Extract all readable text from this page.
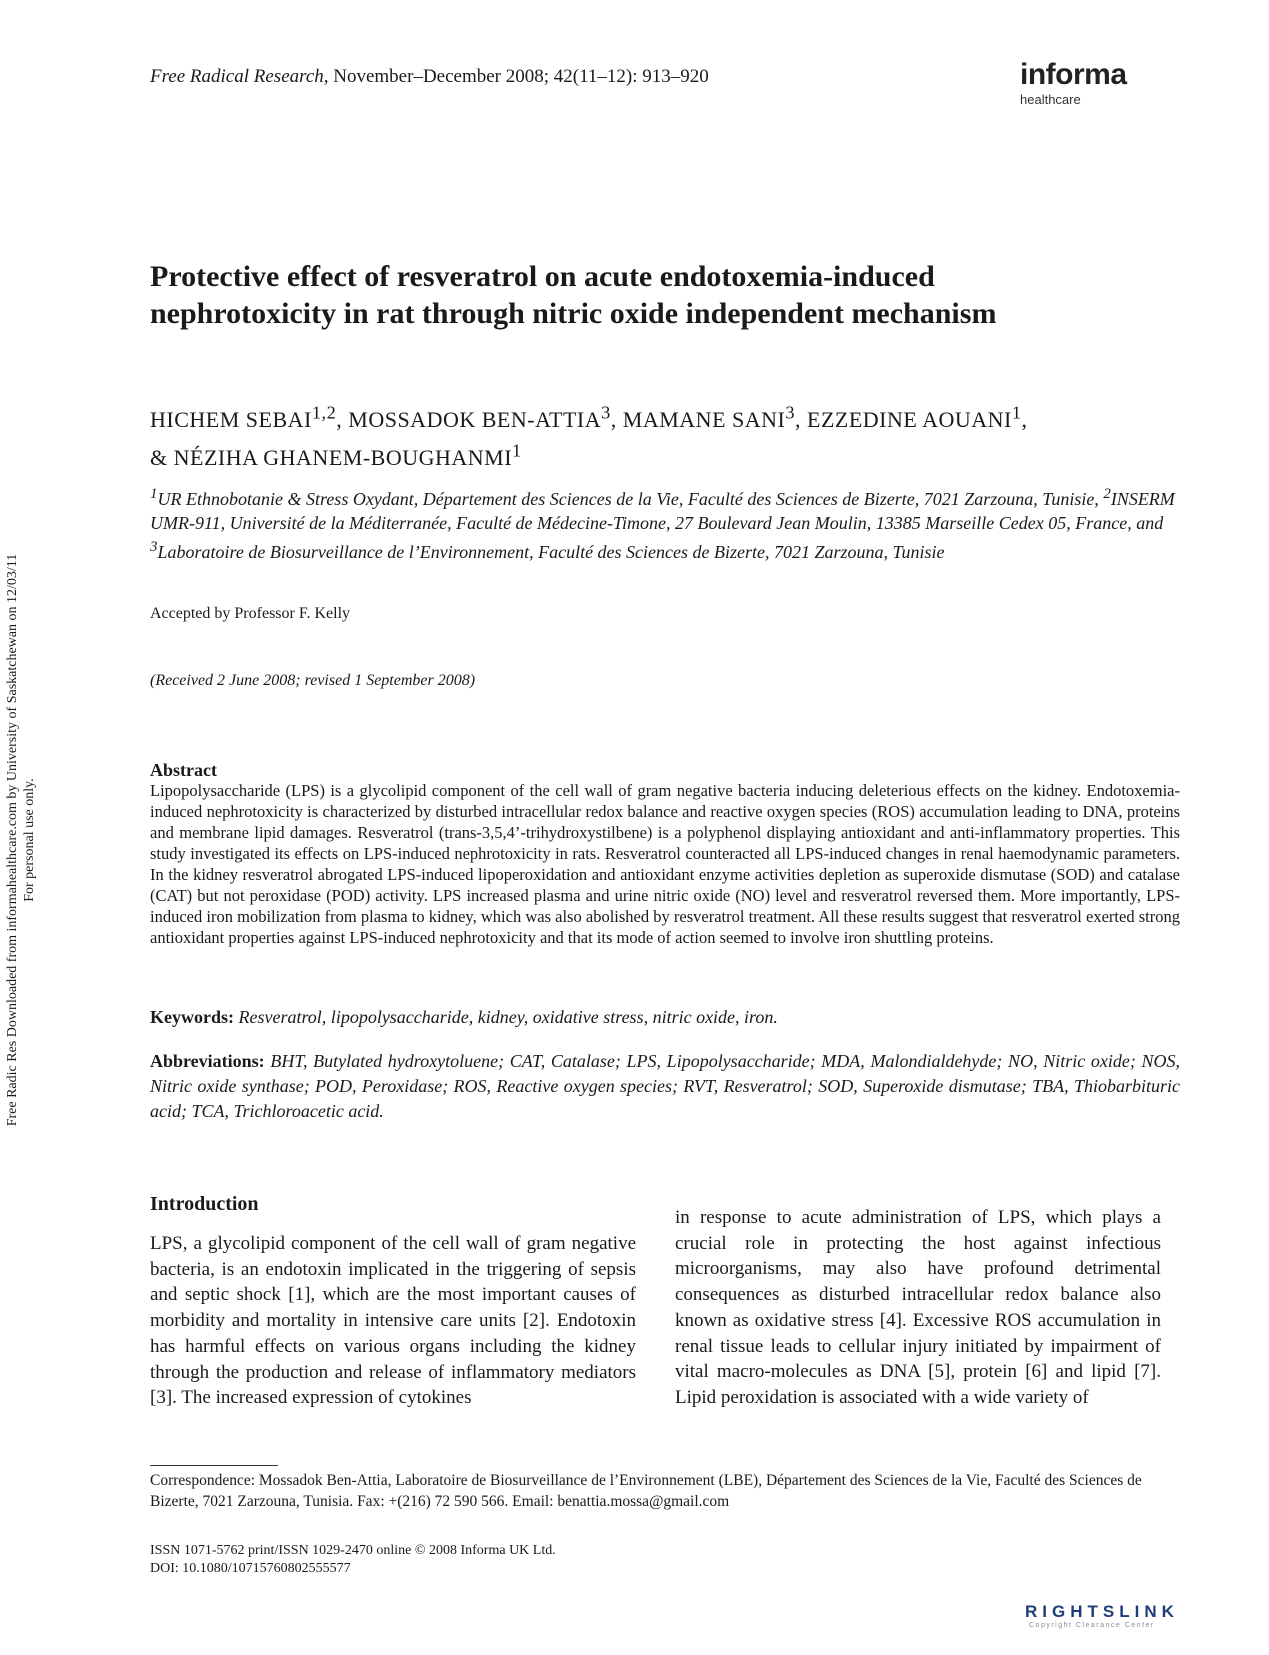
Free Radical Research, November–December 2008; 42(11–12): 913–920	informa
healthcare
Free Radic Res Downloaded from informahealthcare.com by University of Saskatchewan on 12/03/11 For personal use only.
Protective effect of resveratrol on acute endotoxemia-induced
nephrotoxicity in rat through nitric oxide independent mechanism
HICHEM SEBAI$^{1,2}$, MOSSADOK BEN-ATTIA$^3$, MAMANE SANI$^3$, EZZEDINE AOUANI$^1$,
& NÉZIHA GHANEM-BOUGHANMI$^1$
$^1$UR Ethnobotanie & Stress Oxydant, Département des Sciences de la Vie, Faculté des Sciences de Bizerte, 7021 Zarzouna, Tunisie, $^2$INSERM UMR-911, Université de la Méditerranée, Faculté de Médecine-Timone, 27 Boulevard Jean Moulin, 13385 Marseille Cedex 05, France, and $^3$Laboratoire de Biosurveillance de l’Environnement, Faculté des Sciences de Bizerte, 7021 Zarzouna, Tunisie
Accepted by Professor F. Kelly
(Received 2 June 2008; revised 1 September 2008)
Abstract
Lipopolysaccharide (LPS) is a glycolipid component of the cell wall of gram negative bacteria inducing deleterious effects on the kidney. Endotoxemia-induced nephrotoxicity is characterized by disturbed intracellular redox balance and reactive oxygen species (ROS) accumulation leading to DNA, proteins and membrane lipid damages. Resveratrol (trans-3,5,4’-trihydroxystilbene) is a polyphenol displaying antioxidant and anti-inflammatory properties. This study investigated its effects on LPS-induced nephrotoxicity in rats. Resveratrol counteracted all LPS-induced changes in renal haemodynamic parameters. In the kidney resveratrol abrogated LPS-induced lipoperoxidation and antioxidant enzyme activities depletion as superoxide dismutase (SOD) and catalase (CAT) but not peroxidase (POD) activity. LPS increased plasma and urine nitric oxide (NO) level and resveratrol reversed them. More importantly, LPS-induced iron mobilization from plasma to kidney, which was also abolished by resveratrol treatment. All these results suggest that resveratrol exerted strong antioxidant properties against LPS-induced nephrotoxicity and that its mode of action seemed to involve iron shuttling proteins.
Keywords: Resveratrol, lipopolysaccharide, kidney, oxidative stress, nitric oxide, iron.
Abbreviations: BHT, Butylated hydroxytoluene; CAT, Catalase; LPS, Lipopolysaccharide; MDA, Malondialdehyde; NO, Nitric oxide; NOS, Nitric oxide synthase; POD, Peroxidase; ROS, Reactive oxygen species; RVT, Resveratrol; SOD, Superoxide dismutase; TBA, Thiobarbituric acid; TCA, Trichloroacetic acid.
Introduction
LPS, a glycolipid component of the cell wall of gram negative bacteria, is an endotoxin implicated in the triggering of sepsis and septic shock [1], which are the most important causes of morbidity and mortality in intensive care units [2]. Endotoxin has harmful effects on various organs including the kidney through the production and release of inflammatory mediators [3]. The increased expression of cytokines
in response to acute administration of LPS, which plays a crucial role in protecting the host against infectious microorganisms, may also have profound detrimental consequences as disturbed intracellular redox balance also known as oxidative stress [4]. Excessive ROS accumulation in renal tissue leads to cellular injury initiated by impairment of vital macro-molecules as DNA [5], protein [6] and lipid [7]. Lipid peroxidation is associated with a wide variety of
Correspondence: Mossadok Ben-Attia, Laboratoire de Biosurveillance de l’Environnement (LBE), Département des Sciences de la Vie, Faculté des Sciences de Bizerte, 7021 Zarzouna, Tunisia. Fax: +(216) 72 590 566. Email: benattia.mossa@gmail.com
ISSN 1071-5762 print/ISSN 1029-2470 online © 2008 Informa UK Ltd.
DOI: 10.1080/10715760802555577
RIGHTSLINK
Copyright Clearance Center
